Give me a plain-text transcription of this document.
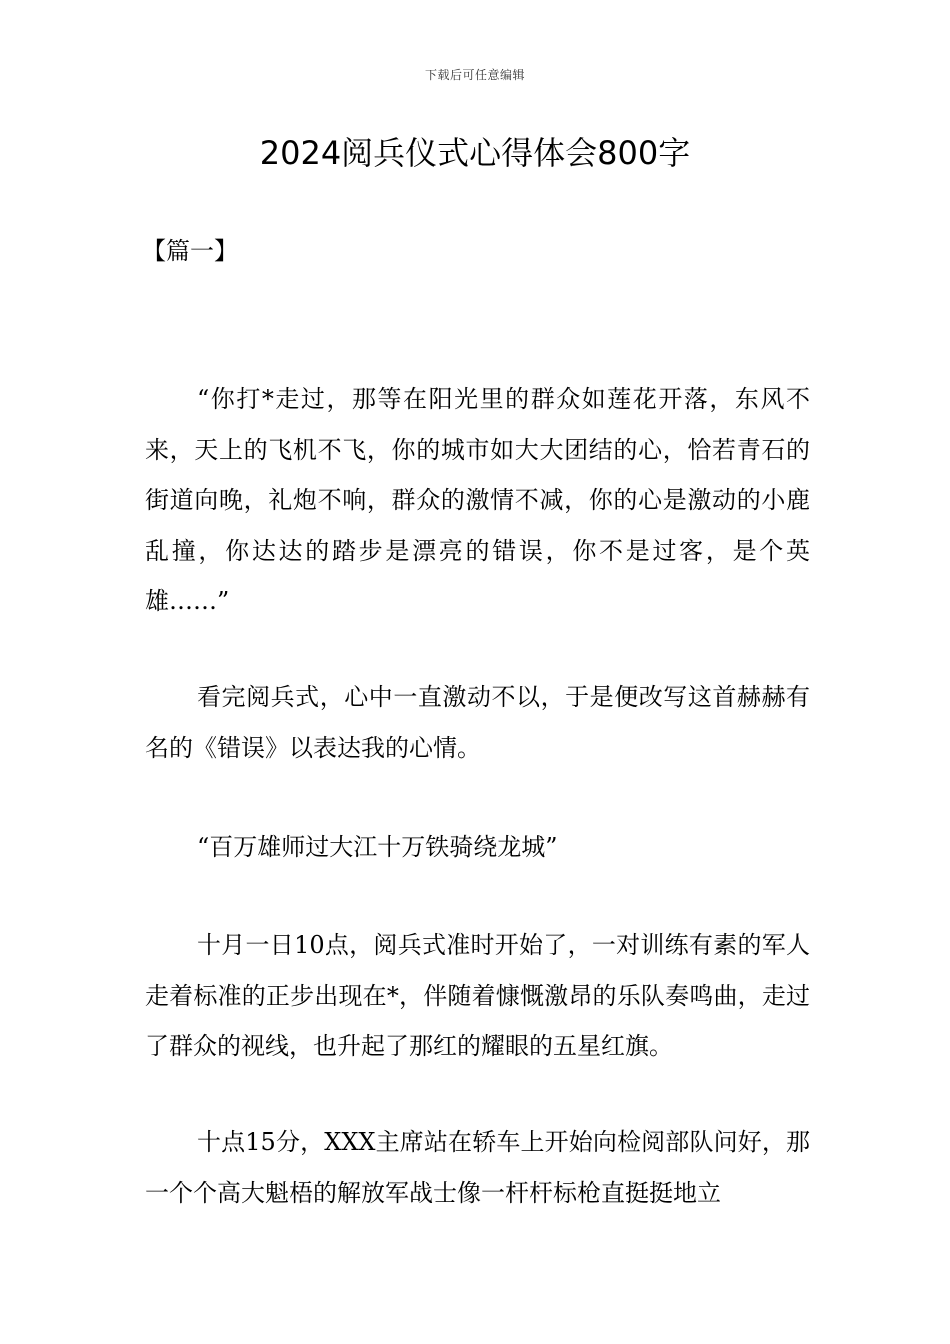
下载后可任意编辑
2024阅兵仪式心得体会800字
【篇一】

“你打*走过，那等在阳光里的群众如莲花开落，东风不来，天上的飞机不飞，你的城市如大大团结的心，恰若青石的街道向晚，礼炮不响，群众的激情不减，你的心是激动的小鹿乱撞，你达达的踏步是漂亮的错误，你不是过客，是个英雄……”

看完阅兵式，心中一直激动不以，于是便改写这首赫赫有名的《错误》以表达我的心情。

“百万雄师过大江十万铁骑绕龙城”

十月一日10点，阅兵式准时开始了，一对训练有素的军人走着标准的正步出现在*，伴随着慷慨激昂的乐队奏鸣曲，走过了群众的视线，也升起了那红的耀眼的五星红旗。

十点15分，XXX主席站在轿车上开始向检阅部队问好，那一个个高大魁梧的解放军战士像一杆杆标枪直挺挺地立
